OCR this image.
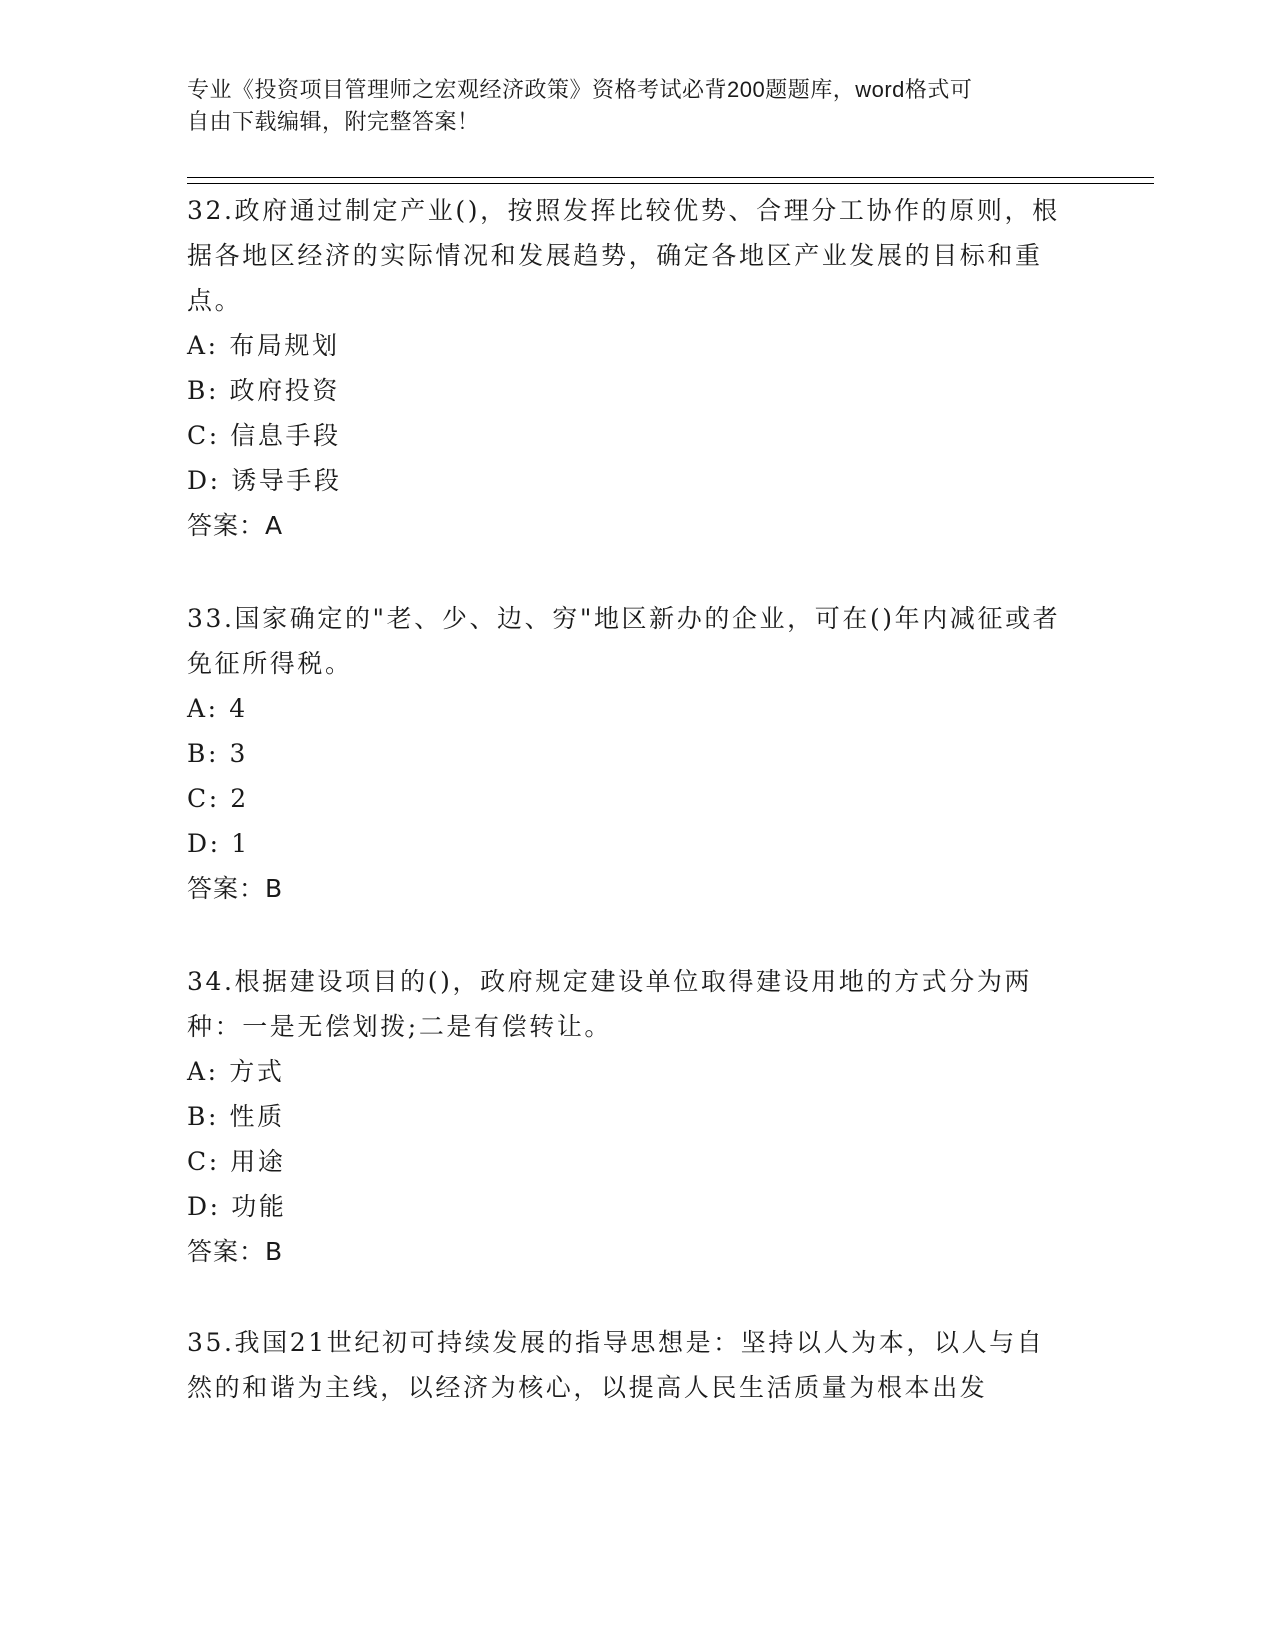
专业《投资项目管理师之宏观经济政策》资格考试必背200题题库，word格式可
自由下载编辑，附完整答案！

32.政府通过制定产业()，按照发挥比较优势、合理分工协作的原则，根据各地区经济的实际情况和发展趋势，确定各地区产业发展的目标和重点。

A: 布局规划

B: 政府投资

C: 信息手段

D: 诱导手段

答案：A

33.国家确定的"老、少、边、穷"地区新办的企业，可在()年内减征或者免征所得税。

A: 4

B: 3

C: 2

D: 1

答案：B

34.根据建设项目的()，政府规定建设单位取得建设用地的方式分为两种：一是无偿划拨;二是有偿转让。

A: 方式

B: 性质

C: 用途

D: 功能

答案：B

35.我国21世纪初可持续发展的指导思想是：坚持以人为本，以人与自然的和谐为主线，以经济为核心，以提高人民生活质量为根本出发
